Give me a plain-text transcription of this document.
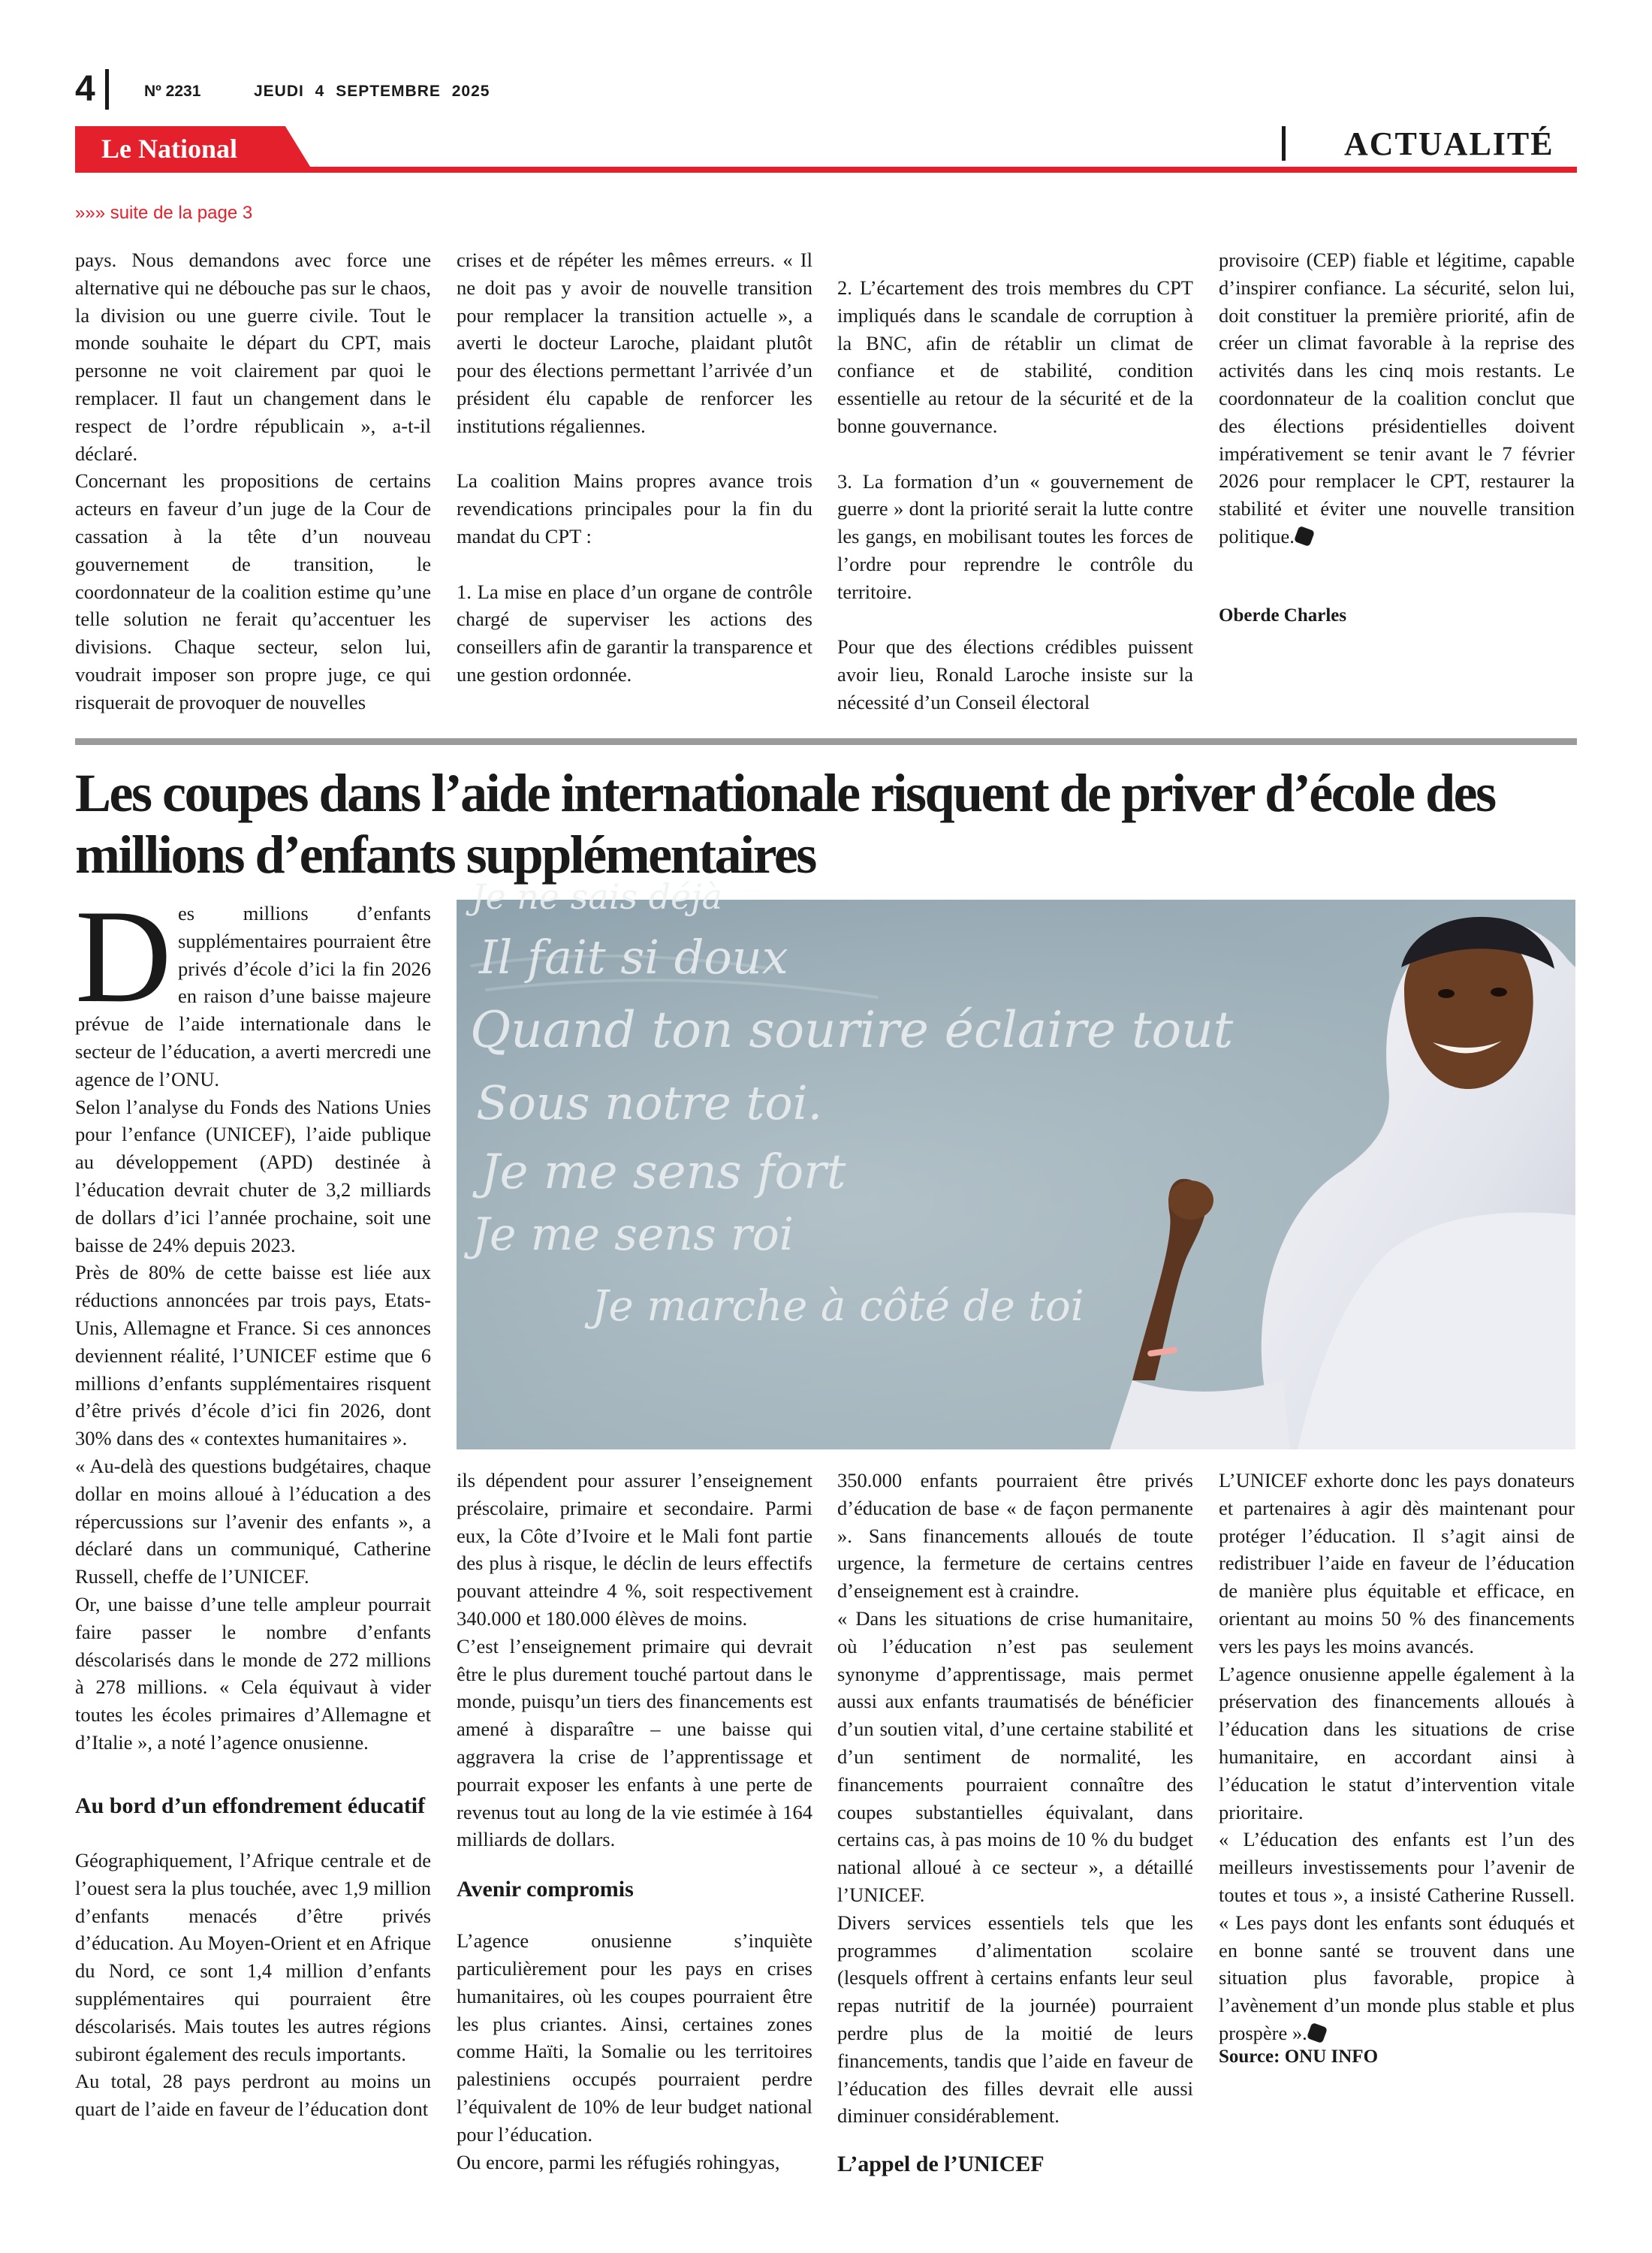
4	Nº 2231	JEUDI 4 SEPTEMBRE 2025
Le National	ACTUALITÉ
»»» suite de la page 3

pays. Nous demandons avec force une alternative qui ne débouche pas sur le chaos, la division ou une guerre civile. Tout le monde souhaite le départ du CPT, mais personne ne voit clairement par quoi le remplacer. Il faut un changement dans le respect de l’ordre républicain », a-t-il déclaré.

Concernant les propositions de certains acteurs en faveur d’un juge de la Cour de cassation à la tête d’un nouveau gouvernement de transition, le coordonnateur de la coalition estime qu’une telle solution ne ferait qu’accentuer les divisions. Chaque secteur, selon lui, voudrait imposer son propre juge, ce qui risquerait de provoquer de nouvelles

crises et de répéter les mêmes erreurs. « Il ne doit pas y avoir de nouvelle transition pour remplacer la transition actuelle », a averti le docteur Laroche, plaidant plutôt pour des élections permettant l’arrivée d’un président élu capable de renforcer les institutions régaliennes.

La coalition Mains propres avance trois revendications principales pour la fin du mandat du CPT :

1. La mise en place d’un organe de contrôle chargé de superviser les actions des conseillers afin de garantir la transparence et une gestion ordonnée.

2. L’écartement des trois membres du CPT impliqués dans le scandale de corruption à la BNC, afin de rétablir un climat de confiance et de stabilité, condition essentielle au retour de la sécurité et de la bonne gouvernance.

3. La formation d’un « gouvernement de guerre » dont la priorité serait la lutte contre les gangs, en mobilisant toutes les forces de l’ordre pour reprendre le contrôle du territoire.

Pour que des élections crédibles puissent avoir lieu, Ronald Laroche insiste sur la nécessité d’un Conseil électoral

provisoire (CEP) fiable et légitime, capable d’inspirer confiance. La sécurité, selon lui, doit constituer la première priorité, afin de créer un climat favorable à la reprise des activités dans les cinq mois restants. Le coordonnateur de la coalition conclut que des élections présidentielles doivent impérativement se tenir avant le 7 février 2026 pour remplacer le CPT, restaurer la stabilité et éviter une nouvelle transition politique.

Oberde Charles
Les coupes dans l’aide internationale risquent de priver d’école des millions d’enfants supplémentaires
Je ne sais déjà
Il fait si doux
Quand ton sourire éclaire tout
Sous notre toi.
Je me sens fort
Je me sens roi
Je marche à côté de toi
D es millions d’enfants supplémentaires pourraient être privés d’école d’ici la fin 2026 en raison d’une baisse majeure prévue de l’aide internationale dans le secteur de l’éducation, a averti mercredi une agence de l’ONU.

Selon l’analyse du Fonds des Nations Unies pour l’enfance (UNICEF), l’aide publique au développement (APD) destinée à l’éducation devrait chuter de 3,2 milliards de dollars d’ici l’année prochaine, soit une baisse de 24% depuis 2023.

Près de 80% de cette baisse est liée aux réductions annoncées par trois pays, Etats-Unis, Allemagne et France. Si ces annonces deviennent réalité, l’UNICEF estime que 6 millions d’enfants supplémentaires risquent d’être privés d’école d’ici fin 2026, dont 30% dans des « contextes humanitaires ».

« Au-delà des questions budgétaires, chaque dollar en moins alloué à l’éducation a des répercussions sur l’avenir des enfants », a déclaré dans un communiqué, Catherine Russell, cheffe de l’UNICEF.

Or, une baisse d’une telle ampleur pourrait faire passer le nombre d’enfants déscolarisés dans le monde de 272 millions à 278 millions. « Cela équivaut à vider toutes les écoles primaires d’Allemagne et d’Italie », a noté l’agence onusienne.

Au bord d’un effondrement éducatif

Géographiquement, l’Afrique centrale et de l’ouest sera la plus touchée, avec 1,9 million d’enfants menacés d’être privés d’éducation. Au Moyen-Orient et en Afrique du Nord, ce sont 1,4 million d’enfants supplémentaires qui pourraient être déscolarisés. Mais toutes les autres régions subiront également des reculs importants.

Au total, 28 pays perdront au moins un quart de l’aide en faveur de l’éducation dont

ils dépendent pour assurer l’enseignement préscolaire, primaire et secondaire. Parmi eux, la Côte d’Ivoire et le Mali font partie des plus à risque, le déclin de leurs effectifs pouvant atteindre 4 %, soit respectivement 340.000 et 180.000 élèves de moins.

C’est l’enseignement primaire qui devrait être le plus durement touché partout dans le monde, puisqu’un tiers des financements est amené à disparaître – une baisse qui aggravera la crise de l’apprentissage et pourrait exposer les enfants à une perte de revenus tout au long de la vie estimée à 164 milliards de dollars.

Avenir compromis

L’agence onusienne s’inquiète particulièrement pour les pays en crises humanitaires, où les coupes pourraient être les plus criantes. Ainsi, certaines zones comme Haïti, la Somalie ou les territoires palestiniens occupés pourraient perdre l’équivalent de 10% de leur budget national pour l’éducation.

Ou encore, parmi les réfugiés rohingyas,

350.000 enfants pourraient être privés d’éducation de base « de façon permanente ». Sans financements alloués de toute urgence, la fermeture de certains centres d’enseignement est à craindre.

« Dans les situations de crise humanitaire, où l’éducation n’est pas seulement synonyme d’apprentissage, mais permet aussi aux enfants traumatisés de bénéficier d’un soutien vital, d’une certaine stabilité et d’un sentiment de normalité, les financements pourraient connaître des coupes substantielles équivalant, dans certains cas, à pas moins de 10 % du budget national alloué à ce secteur », a détaillé l’UNICEF.

Divers services essentiels tels que les programmes d’alimentation scolaire (lesquels offrent à certains enfants leur seul repas nutritif de la journée) pourraient perdre plus de la moitié de leurs financements, tandis que l’aide en faveur de l’éducation des filles devrait elle aussi diminuer considérablement.

L’appel de l’UNICEF

L’UNICEF exhorte donc les pays donateurs et partenaires à agir dès maintenant pour protéger l’éducation. Il s’agit ainsi de redistribuer l’aide en faveur de l’éducation de manière plus équitable et efficace, en orientant au moins 50 % des financements vers les pays les moins avancés.

L’agence onusienne appelle également à la préservation des financements alloués à l’éducation dans les situations de crise humanitaire, en accordant ainsi à l’éducation le statut d’intervention vitale prioritaire.

« L’éducation des enfants est l’un des meilleurs investissements pour l’avenir de toutes et tous », a insisté Catherine Russell. « Les pays dont les enfants sont éduqués et en bonne santé se trouvent dans une situation plus favorable, propice à l’avènement d’un monde plus stable et plus prospère ».

Source: ONU INFO
